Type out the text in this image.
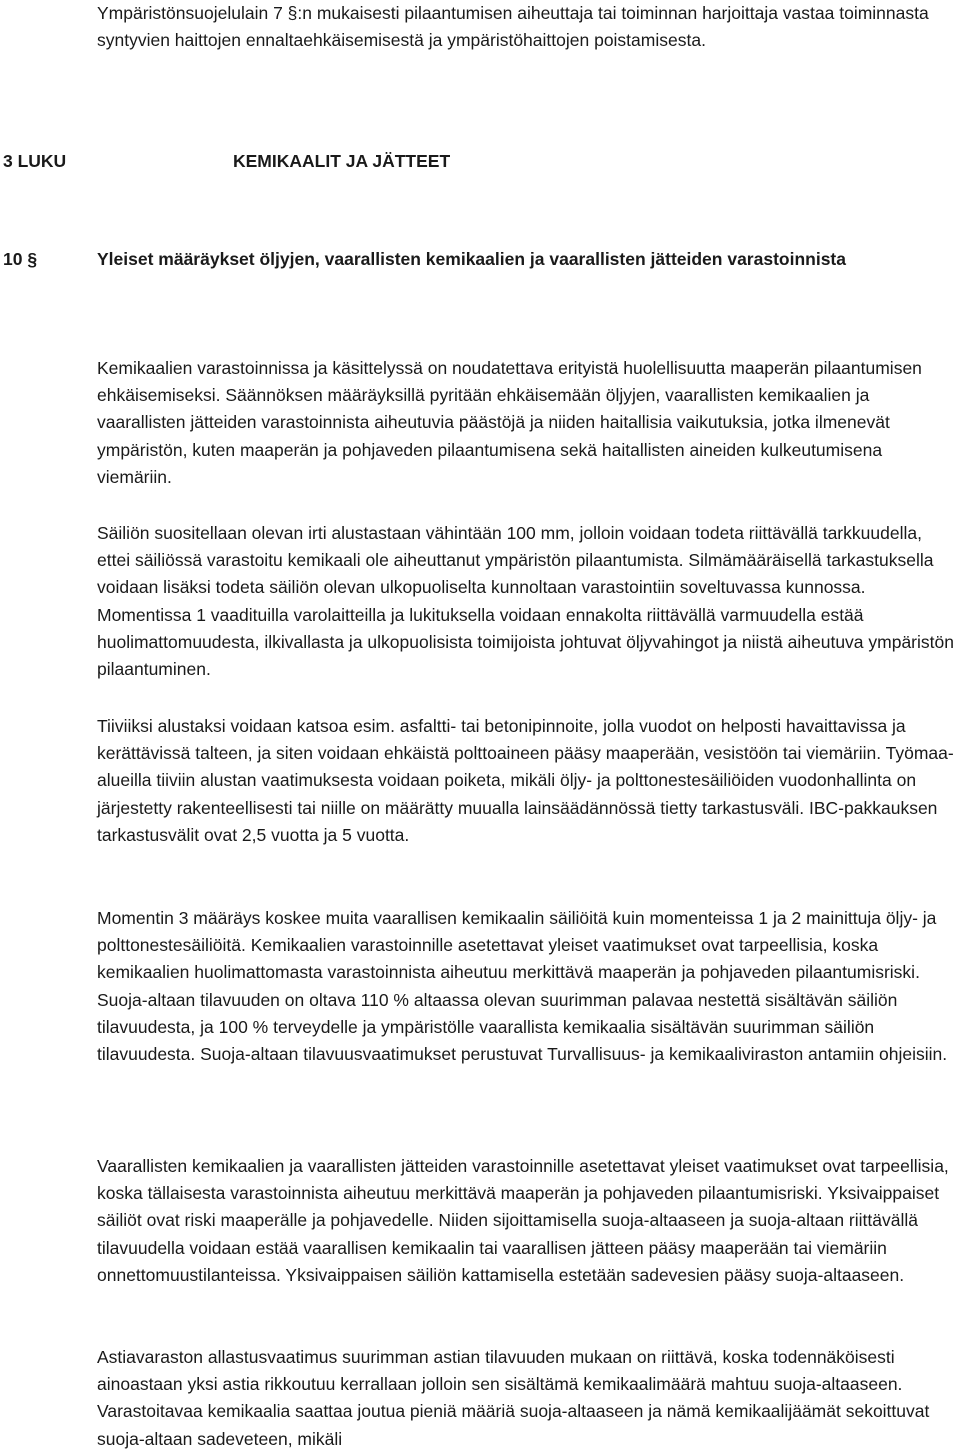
Ympäristönsuojelulain 7 §:n mukaisesti pilaantumisen aiheuttaja tai toiminnan harjoittaja vastaa toiminnasta syntyvien haittojen ennaltaehkäisemisestä ja ympäristöhaittojen poistamisesta.

3 LUKU	KEMIKAALIT JA JÄTTEET
10 §	Yleiset määräykset öljyjen, vaarallisten kemikaalien ja vaarallisten jätteiden varastoinnista

Kemikaalien varastoinnissa ja käsittelyssä on noudatettava erityistä huolellisuutta maaperän pilaantumisen ehkäisemiseksi. Säännöksen määräyksillä pyritään ehkäisemään öljyjen, vaarallisten kemikaalien ja vaarallisten jätteiden varastoinnista aiheutuvia päästöjä ja niiden haitallisia vaikutuksia, jotka ilmenevät ympäristön, kuten maaperän ja pohjaveden pilaantumisena sekä haitallisten aineiden kulkeutumisena viemäriin.

Säiliön suositellaan olevan irti alustastaan vähintään 100 mm, jolloin voidaan todeta riittävällä tarkkuudella, ettei säiliössä varastoitu kemikaali ole aiheuttanut ympäristön pilaantumista. Silmämääräisellä tarkastuksella voidaan lisäksi todeta säiliön olevan ulkopuoliselta kunnoltaan varastointiin soveltuvassa kunnossa. Momentissa 1 vaadituilla varolaitteilla ja lukituksella voidaan ennakolta riittävällä varmuudella estää huolimattomuudesta, ilkivallasta ja ulkopuolisista toimijoista johtuvat öljyvahingot ja niistä aiheutuva ympäristön pilaantuminen.

Tiiviiksi alustaksi voidaan katsoa esim. asfaltti- tai betonipinnoite, jolla vuodot on helposti havaittavissa ja kerättävissä talteen, ja siten voidaan ehkäistä polttoaineen pääsy maaperään, vesistöön tai viemäriin. Työmaa-alueilla tiiviin alustan vaatimuksesta voidaan poiketa, mikäli öljy- ja polttonestesäiliöiden vuodonhallinta on järjestetty rakenteellisesti tai niille on määrätty muualla lainsäädännössä tietty tarkastusväli. IBC-pakkauksen tarkastusvälit ovat 2,5 vuotta ja 5 vuotta.

Momentin 3 määräys koskee muita vaarallisen kemikaalin säiliöitä kuin momenteissa 1 ja 2 mainittuja öljy- ja polttonestesäiliöitä. Kemikaalien varastoinnille asetettavat yleiset vaatimukset ovat tarpeellisia, koska kemikaalien huolimattomasta varastoinnista aiheutuu merkittävä maaperän ja pohjaveden pilaantumisriski. Suoja-altaan tilavuuden on oltava 110 % altaassa olevan suurimman palavaa nestettä sisältävän säiliön tilavuudesta, ja 100 % terveydelle ja ympäristölle vaarallista kemikaalia sisältävän suurimman säiliön tilavuudesta. Suoja-altaan tilavuusvaatimukset perustuvat Turvallisuus- ja kemikaaliviraston antamiin ohjeisiin.

Vaarallisten kemikaalien ja vaarallisten jätteiden varastoinnille asetettavat yleiset vaatimukset ovat tarpeellisia, koska tällaisesta varastoinnista aiheutuu merkittävä maaperän ja pohjaveden pilaantumisriski. Yksivaippaiset säiliöt ovat riski maaperälle ja pohjavedelle. Niiden sijoittamisella suoja-altaaseen ja suoja-altaan riittävällä tilavuudella voidaan estää vaarallisen kemikaalin tai vaarallisen jätteen pääsy maaperään tai viemäriin onnettomuustilanteissa. Yksivaippaisen säiliön kattamisella estetään sadevesien pääsy suoja-altaaseen.

Astiavaraston allastusvaatimus suurimman astian tilavuuden mukaan on riittävä, koska todennäköisesti ainoastaan yksi astia rikkoutuu kerrallaan jolloin sen sisältämä kemikaalimäärä mahtuu suoja-altaaseen. Varastoitavaa kemikaalia saattaa joutua pieniä määriä suoja-altaaseen ja nämä kemikaalijäämät sekoittuvat suoja-altaan sadeveteen, mikäli
